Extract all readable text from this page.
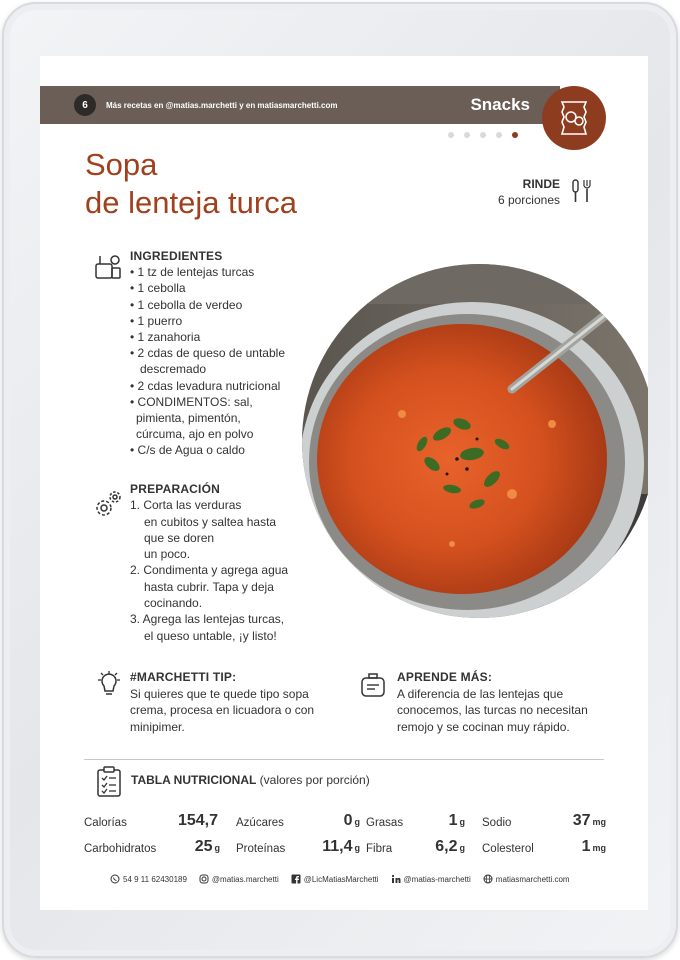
6	Más recetas en @matias.marchetti y en matiasmarchetti.com	Snacks
Sopa
de lenteja turca
RINDE
6 porciones
INGREDIENTES
• 1 tz de lentejas turcas
• 1 cebolla
• 1 cebolla de verdeo
• 1 puerro
• 1 zanahoria
• 2 cdas de queso de untable
descremado
• 2 cdas levadura nutricional
• CONDIMENTOS: sal,
pimienta, pimentón,
cúrcuma, ajo en polvo
• C/s de Agua o caldo
PREPARACIÓN
1. Corta las verduras
en cubitos y saltea hasta
que se doren
un poco.
2. Condimenta y agrega agua
hasta cubrir. Tapa y deja
cocinando.
3. Agrega las lentejas turcas,
el queso untable, ¡y listo!
#MARCHETTI TIP:
Si quieres que te quede tipo sopa
crema, procesa en licuadora o con
minipimer.
APRENDE MÁS:
A diferencia de las lentejas que
conocemos, las turcas no necesitan
remojo y se cocinan muy rápido.
TABLA NUTRICIONAL (valores por porción)
Calorías	154,7 Azúcares	0 g Grasas	1 g Sodio	37 mg
Carbohidratos	25 g Proteínas	11,4 g Fibra	6,2 g Colesterol	1 mg
54 9 11 62430189	@matias.marchetti	@LicMatiasMarchetti	@matias-marchetti	matiasmarchetti.com
